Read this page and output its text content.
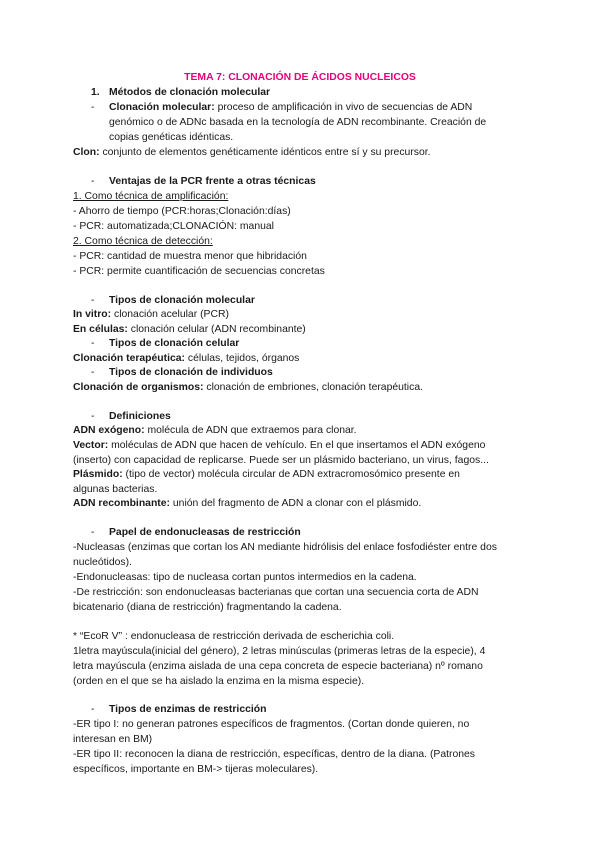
TEMA 7: CLONACIÓN DE ÁCIDOS NUCLEICOS
1. Métodos de clonación molecular
- Clonación molecular: proceso de amplificación in vivo de secuencias de ADN
genómico o de ADNc basada en la tecnología de ADN recombinante. Creación de
copias genéticas idénticas.
Clon: conjunto de elementos genéticamente idénticos entre sí y su precursor.
- Ventajas de la PCR frente a otras técnicas
1. Como técnica de amplificación:
- Ahorro de tiempo (PCR:horas;Clonación:días)
- PCR: automatizada;CLONACIÓN: manual
2. Como técnica de detección:
- PCR: cantidad de muestra menor que hibridación
- PCR: permite cuantificación de secuencias concretas
- Tipos de clonación molecular
In vitro: clonación acelular (PCR)
En células: clonación celular (ADN recombinante)
- Tipos de clonación celular
Clonación terapéutica: células, tejidos, órganos
- Tipos de clonación de individuos
Clonación de organismos: clonación de embriones, clonación terapéutica.
- Definiciones
ADN exógeno: molécula de ADN que extraemos para clonar.
Vector: moléculas de ADN que hacen de vehículo. En el que insertamos el ADN exógeno
(inserto) con capacidad de replicarse. Puede ser un plásmido bacteriano, un virus, fagos...
Plásmido: (tipo de vector) molécula circular de ADN extracromosómico presente en
algunas bacterias.
ADN recombinante: unión del fragmento de ADN a clonar con el plásmido.
- Papel de endonucleasas de restricción
-Nucleasas (enzimas que cortan los AN mediante hidrólisis del enlace fosfodiéster entre dos
nucleótidos).
-Endonucleasas: tipo de nucleasa cortan puntos intermedios en la cadena.
-De restricción: son endonucleasas bacterianas que cortan una secuencia corta de ADN
bicatenario (diana de restricción) fragmentando la cadena.
* “EcoR V” : endonucleasa de restricción derivada de escherichia coli.
1letra mayúscula(inicial del género), 2 letras minúsculas (primeras letras de la especie), 4
letra mayúscula (enzima aislada de una cepa concreta de especie bacteriana) nº romano
(orden en el que se ha aislado la enzima en la misma especie).
- Tipos de enzimas de restricción
-ER tipo I: no generan patrones específicos de fragmentos. (Cortan donde quieren, no
interesan en BM)
-ER tipo II: reconocen la diana de restricción, específicas, dentro de la diana. (Patrones
específicos, importante en BM-> tijeras moleculares).
